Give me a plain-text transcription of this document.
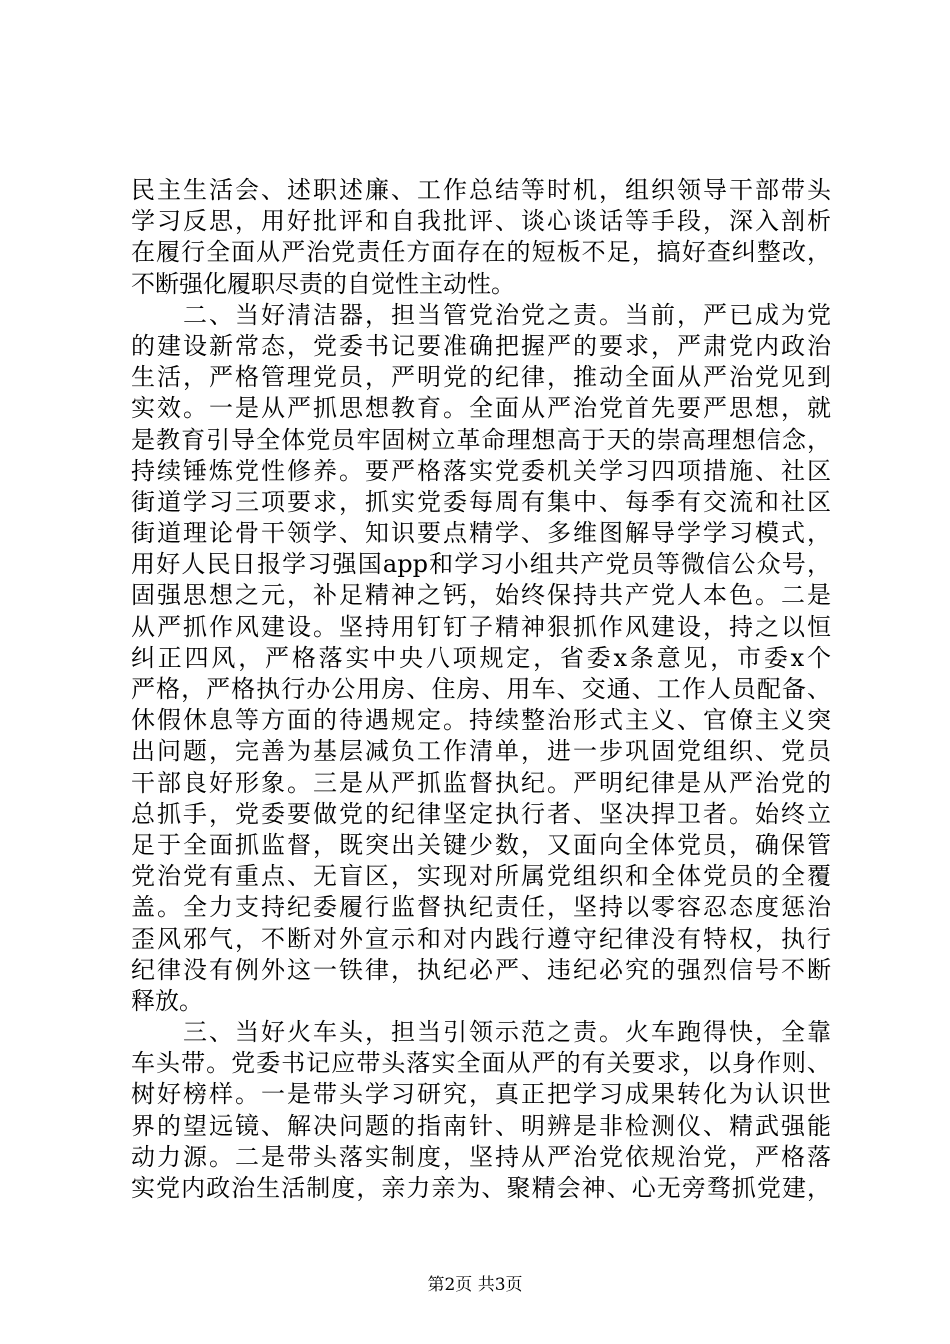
民主生活会、述职述廉、工作总结等时机，组织领导干部带头
学习反思，用好批评和自我批评、谈心谈话等手段，深入剖析
在履行全面从严治党责任方面存在的短板不足，搞好查纠整改，
不断强化履职尽责的自觉性主动性。
　　二、当好清洁器，担当管党治党之责。当前，严已成为党
的建设新常态，党委书记要准确把握严的要求，严肃党内政治
生活，严格管理党员，严明党的纪律，推动全面从严治党见到
实效。一是从严抓思想教育。全面从严治党首先要严思想，就
是教育引导全体党员牢固树立革命理想高于天的崇高理想信念，
持续锤炼党性修养。要严格落实党委机关学习四项措施、社区
街道学习三项要求，抓实党委每周有集中、每季有交流和社区
街道理论骨干领学、知识要点精学、多维图解导学学习模式，
用好人民日报学习强国app和学习小组共产党员等微信公众号，
固强思想之元，补足精神之钙，始终保持共产党人本色。二是
从严抓作风建设。坚持用钉钉子精神狠抓作风建设，持之以恒
纠正四风，严格落实中央八项规定，省委x条意见，市委x个
严格，严格执行办公用房、住房、用车、交通、工作人员配备、
休假休息等方面的待遇规定。持续整治形式主义、官僚主义突
出问题，完善为基层减负工作清单，进一步巩固党组织、党员
干部良好形象。三是从严抓监督执纪。严明纪律是从严治党的
总抓手，党委要做党的纪律坚定执行者、坚决捍卫者。始终立
足于全面抓监督，既突出关键少数，又面向全体党员，确保管
党治党有重点、无盲区，实现对所属党组织和全体党员的全覆
盖。全力支持纪委履行监督执纪责任，坚持以零容忍态度惩治
歪风邪气，不断对外宣示和对内践行遵守纪律没有特权，执行
纪律没有例外这一铁律，执纪必严、违纪必究的强烈信号不断
释放。
　　三、当好火车头，担当引领示范之责。火车跑得快，全靠
车头带。党委书记应带头落实全面从严的有关要求，以身作则、
树好榜样。一是带头学习研究，真正把学习成果转化为认识世
界的望远镜、解决问题的指南针、明辨是非检测仪、精武强能
动力源。二是带头落实制度，坚持从严治党依规治党，严格落
实党内政治生活制度，亲力亲为、聚精会神、心无旁骛抓党建，
第2页 共3页
